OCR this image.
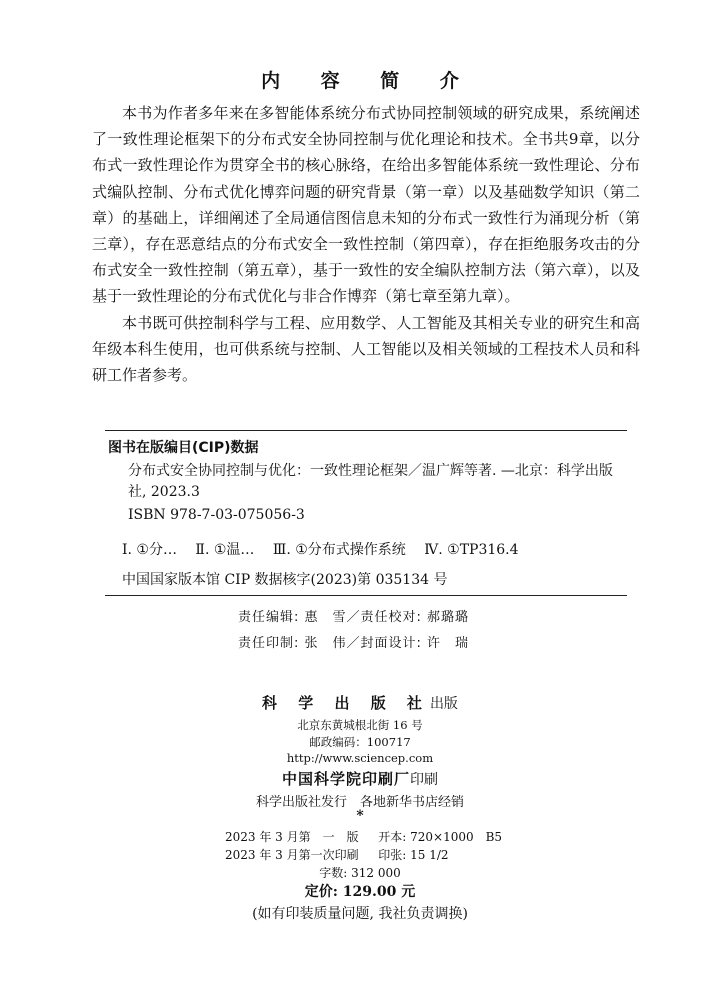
内 容 简 介

本书为作者多年来在多智能体系统分布式协同控制领域的研究成果，系统阐述了一致性理论框架下的分布式安全协同控制与优化理论和技术。全书共9章，以分布式一致性理论作为贯穿全书的核心脉络，在给出多智能体系统一致性理论、分布式编队控制、分布式优化博弈问题的研究背景（第一章）以及基础数学知识（第二章）的基础上，详细阐述了全局通信图信息未知的分布式一致性行为涌现分析（第三章），存在恶意结点的分布式安全一致性控制（第四章），存在拒绝服务攻击的分布式安全一致性控制（第五章），基于一致性的安全编队控制方法（第六章），以及基于一致性理论的分布式优化与非合作博弈（第七章至第九章）。

本书既可供控制科学与工程、应用数学、人工智能及其相关专业的研究生和高年级本科生使用，也可供系统与控制、人工智能以及相关领域的工程技术人员和科研工作者参考。

图书在版编目(CIP)数据
分布式安全协同控制与优化：一致性理论框架／温广辉等著. —北京：科学出版社, 2023.3
ISBN 978-7-03-075056-3
Ⅰ. ①分…　 Ⅱ. ①温…　 Ⅲ. ①分布式操作系统　 Ⅳ. ①TP316.4
中国国家版本馆 CIP 数据核字(2023)第 035134 号
责任编辑: 惠　雪／责任校对: 郝璐璐
责任印制: 张　伟／封面设计: 许　瑞
科 学 出 版 社出版
北京东黄城根北街 16 号
邮政编码：100717
http://www.sciencep.com
中国科学院印刷厂印刷
科学出版社发行　各地新华书店经销
*
2023 年 3 月第　一　版　  开本: 720×1000　B5
2023 年 3 月第一次印刷　  印张: 15 1/2
字数: 312 000
定价: 129.00 元
(如有印装质量问题, 我社负责调换)
